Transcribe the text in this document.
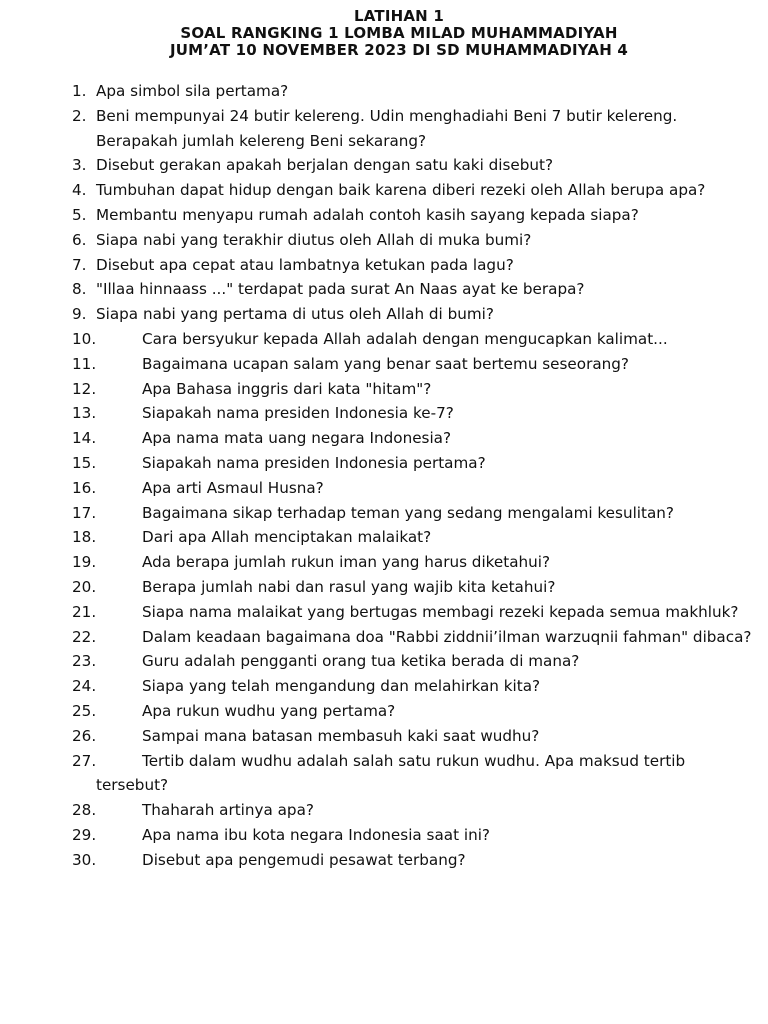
LATIHAN 1
SOAL RANGKING 1 LOMBA MILAD MUHAMMADIYAH
JUM’AT 10 NOVEMBER 2023 DI SD MUHAMMADIYAH 4
1. Apa simbol sila pertama?
2. Beni mempunyai 24 butir kelereng. Udin menghadiahi Beni 7 butir kelereng. Berapakah jumlah kelereng Beni sekarang?
3. Disebut gerakan apakah berjalan dengan satu kaki disebut?
4. Tumbuhan dapat hidup dengan baik karena diberi rezeki oleh Allah berupa apa?
5. Membantu menyapu rumah adalah contoh kasih sayang kepada siapa?
6. Siapa nabi yang terakhir diutus oleh Allah di muka bumi?
7. Disebut apa cepat atau lambatnya ketukan pada lagu?
8. "Illaa hinnaass ..." terdapat pada surat An Naas ayat ke berapa?
9. Siapa nabi yang pertama di utus oleh Allah di bumi?
10.	Cara bersyukur kepada Allah adalah dengan mengucapkan kalimat...
11.	Bagaimana ucapan salam yang benar saat bertemu seseorang?
12.	Apa Bahasa inggris dari kata "hitam"?
13.	Siapakah nama presiden Indonesia ke-7?
14.	Apa nama mata uang negara Indonesia?
15.	Siapakah nama presiden Indonesia pertama?
16.	Apa arti Asmaul Husna?
17.	Bagaimana sikap terhadap teman yang sedang mengalami kesulitan?
18.	Dari apa Allah menciptakan malaikat?
19.	Ada berapa jumlah rukun iman yang harus diketahui?
20.	Berapa jumlah nabi dan rasul yang wajib kita ketahui?
21.	Siapa nama malaikat yang bertugas membagi rezeki kepada semua makhluk?
22.	Dalam keadaan bagaimana doa "Rabbi ziddnii’ilman warzuqnii fahman" dibaca?
23.	Guru adalah pengganti orang tua ketika berada di mana?
24.	Siapa yang telah mengandung dan melahirkan kita?
25.	Apa rukun wudhu yang pertama?
26.	Sampai mana batasan membasuh kaki saat wudhu?
27.	Tertib dalam wudhu adalah salah satu rukun wudhu. Apa maksud tertib tersebut?
28.	Thaharah artinya apa?
29.	Apa nama ibu kota negara Indonesia saat ini?
30.	Disebut apa pengemudi pesawat terbang?
